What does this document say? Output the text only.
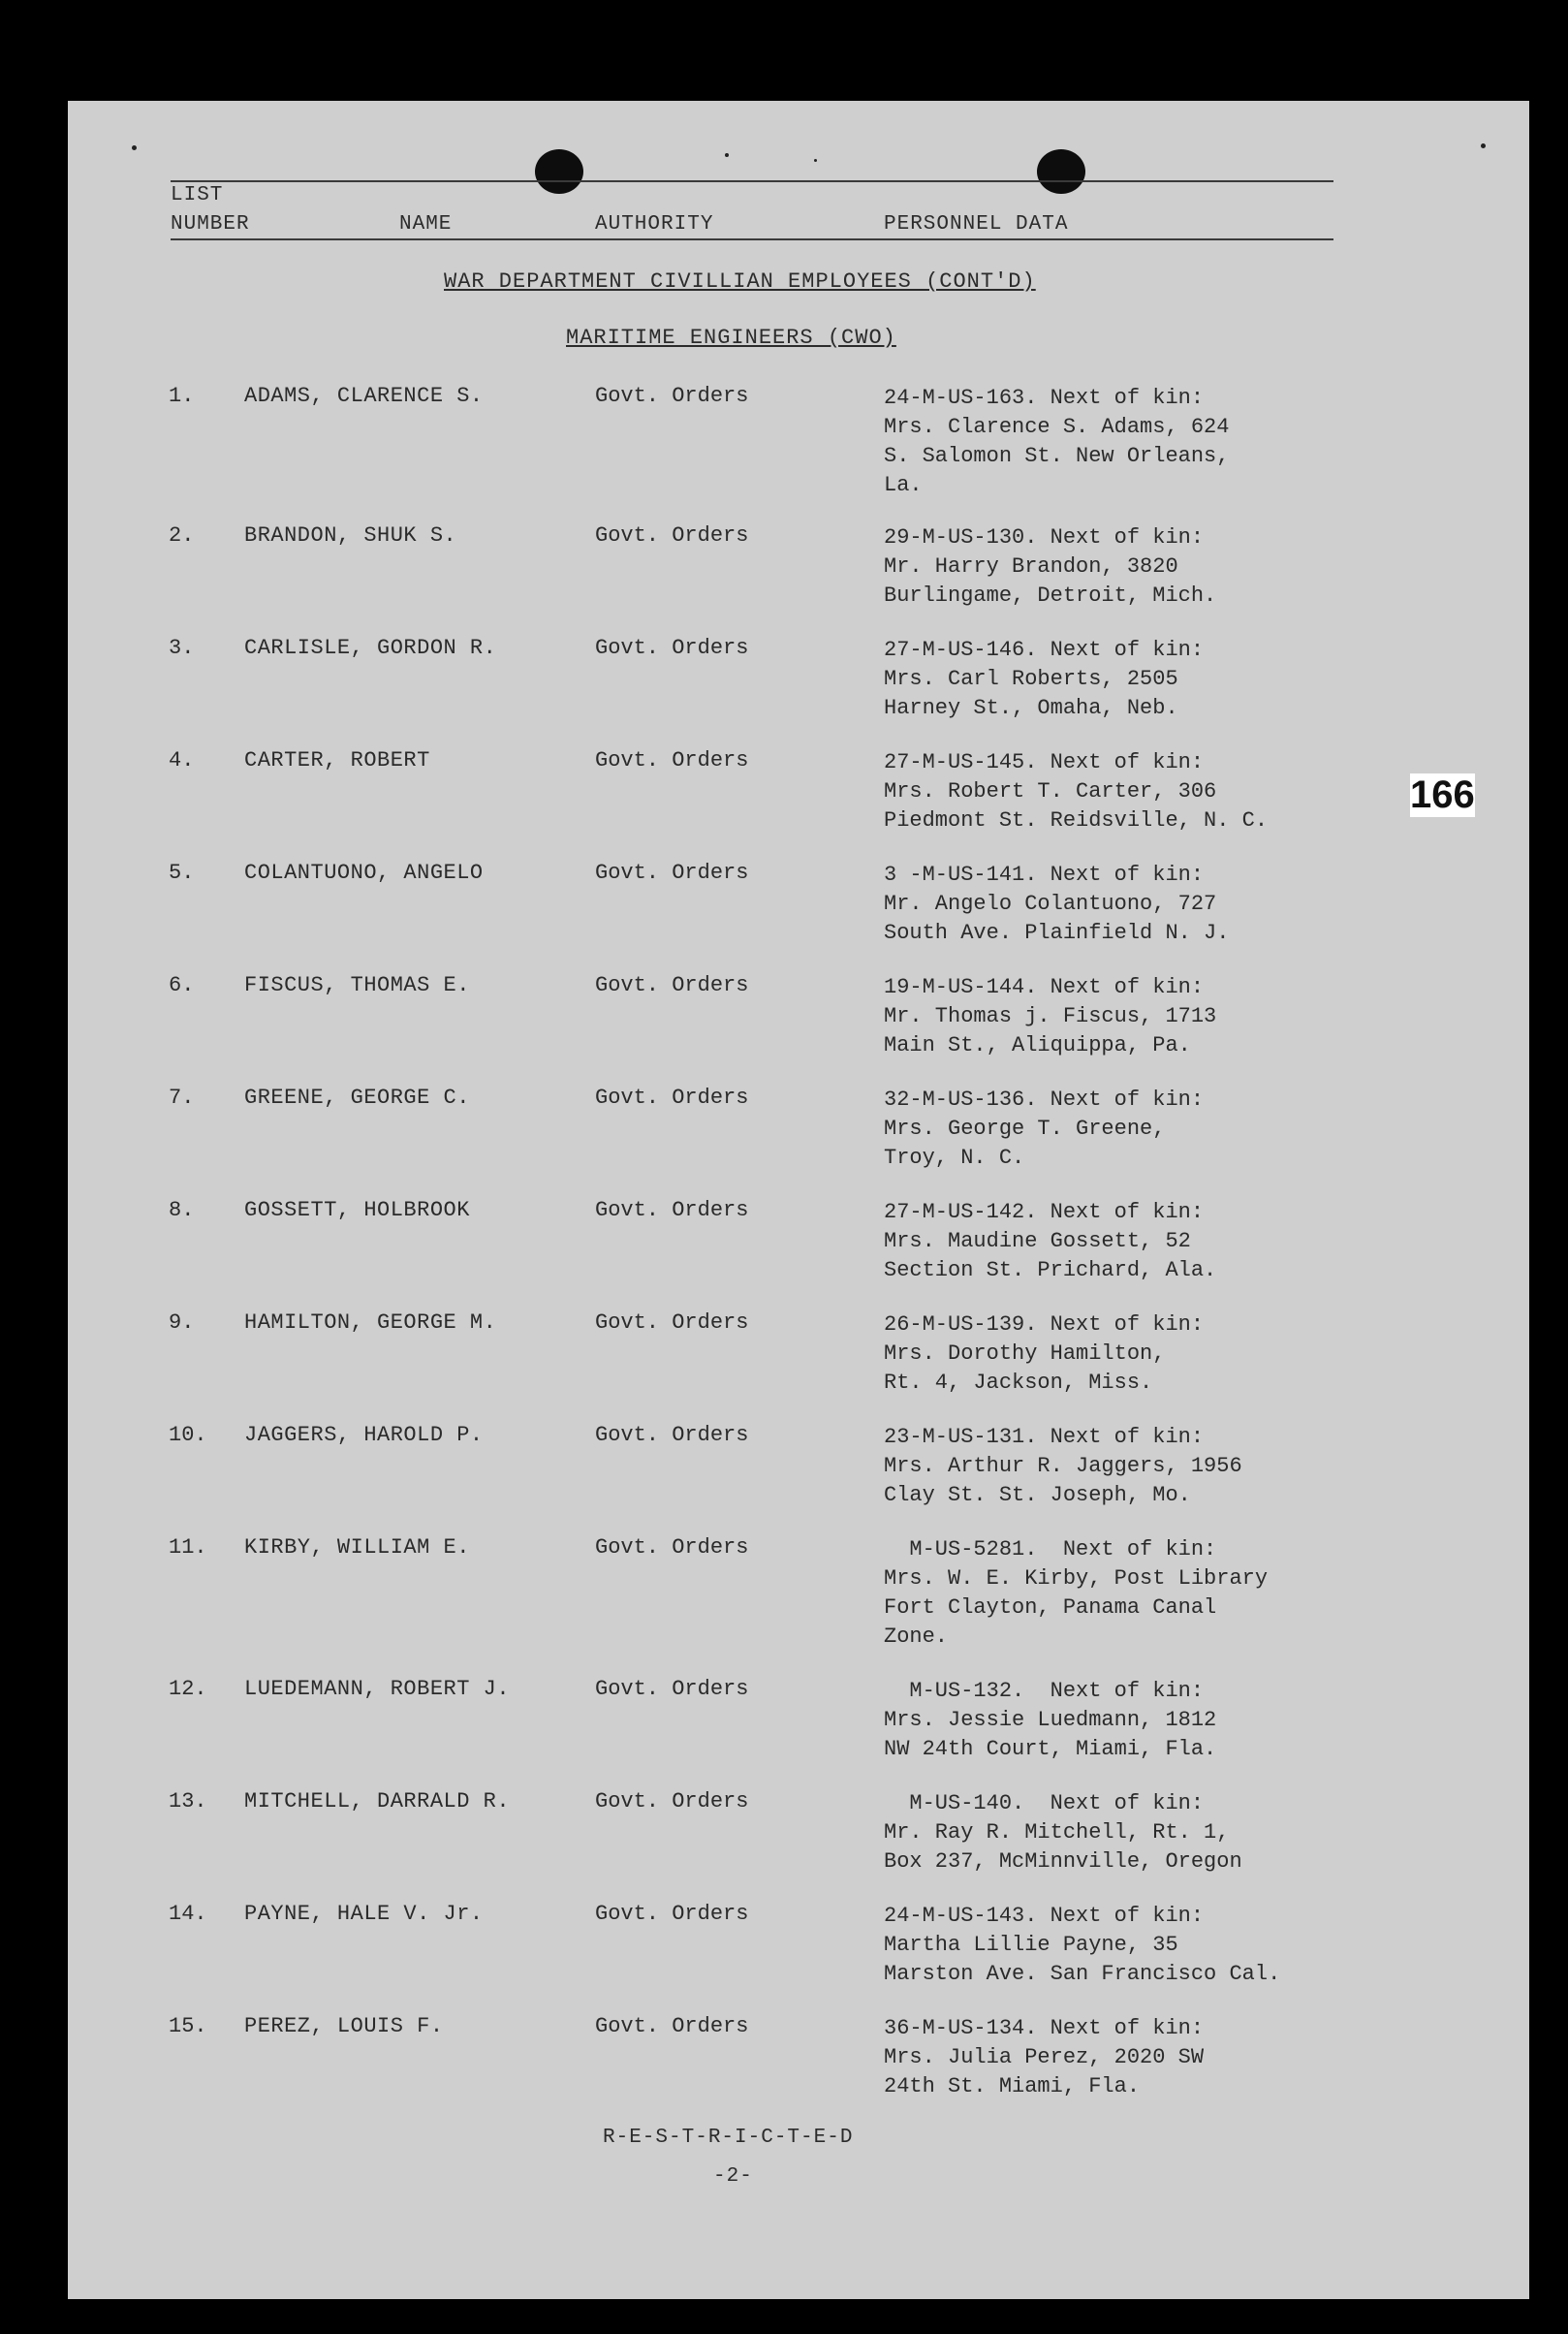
LIST
NUMBER	NAME	AUTHORITY	PERSONNEL DATA
WAR DEPARTMENT CIVILLIAN EMPLOYEES (CONT'D)
MARITIME ENGINEERS (CWO)
1. ADAMS, CLARENCE S.	Govt. Orders	24-M-US-163. Next of kin:
Mrs. Clarence S. Adams, 624
S. Salomon St. New Orleans,
La.
2. BRANDON, SHUK S.	Govt. Orders	29-M-US-130. Next of kin:
Mr. Harry Brandon, 3820
Burlingame, Detroit, Mich.
3. CARLISLE, GORDON R.	Govt. Orders	27-M-US-146. Next of kin:
Mrs. Carl Roberts, 2505
Harney St., Omaha, Neb.
4. CARTER, ROBERT	Govt. Orders	27-M-US-145. Next of kin:
Mrs. Robert T. Carter, 306
Piedmont St. Reidsville, N. C.
5. COLANTUONO, ANGELO	Govt. Orders	3 -M-US-141. Next of kin:
Mr. Angelo Colantuono, 727
South Ave. Plainfield N. J.
6. FISCUS, THOMAS E.	Govt. Orders	19-M-US-144. Next of kin:
Mr. Thomas j. Fiscus, 1713
Main St., Aliquippa, Pa.
7. GREENE, GEORGE C.	Govt. Orders	32-M-US-136. Next of kin:
Mrs. George T. Greene,
Troy, N. C.
8. GOSSETT, HOLBROOK	Govt. Orders	27-M-US-142. Next of kin:
Mrs. Maudine Gossett, 52
Section St. Prichard, Ala.
9. HAMILTON, GEORGE M.	Govt. Orders	26-M-US-139. Next of kin:
Mrs. Dorothy Hamilton,
Rt. 4, Jackson, Miss.
10. JAGGERS, HAROLD P.	Govt. Orders	23-M-US-131. Next of kin:
Mrs. Arthur R. Jaggers, 1956
Clay St. St. Joseph, Mo.
11. KIRBY, WILLIAM E.	Govt. Orders	M-US-5281.  Next of kin:
Mrs. W. E. Kirby, Post Library
Fort Clayton, Panama Canal
Zone.
12. LUEDEMANN, ROBERT J.	Govt. Orders	M-US-132.  Next of kin:
Mrs. Jessie Luedmann, 1812
NW 24th Court, Miami, Fla.
13. MITCHELL, DARRALD R.	Govt. Orders	M-US-140.  Next of kin:
Mr. Ray R. Mitchell, Rt. 1,
Box 237, McMinnville, Oregon
14. PAYNE, HALE V. Jr.	Govt. Orders	24-M-US-143. Next of kin:
Martha Lillie Payne, 35
Marston Ave. San Francisco Cal.
15. PEREZ, LOUIS F.	Govt. Orders	36-M-US-134. Next of kin:
Mrs. Julia Perez, 2020 SW
24th St. Miami, Fla.
R-E-S-T-R-I-C-T-E-D
-2-
166
